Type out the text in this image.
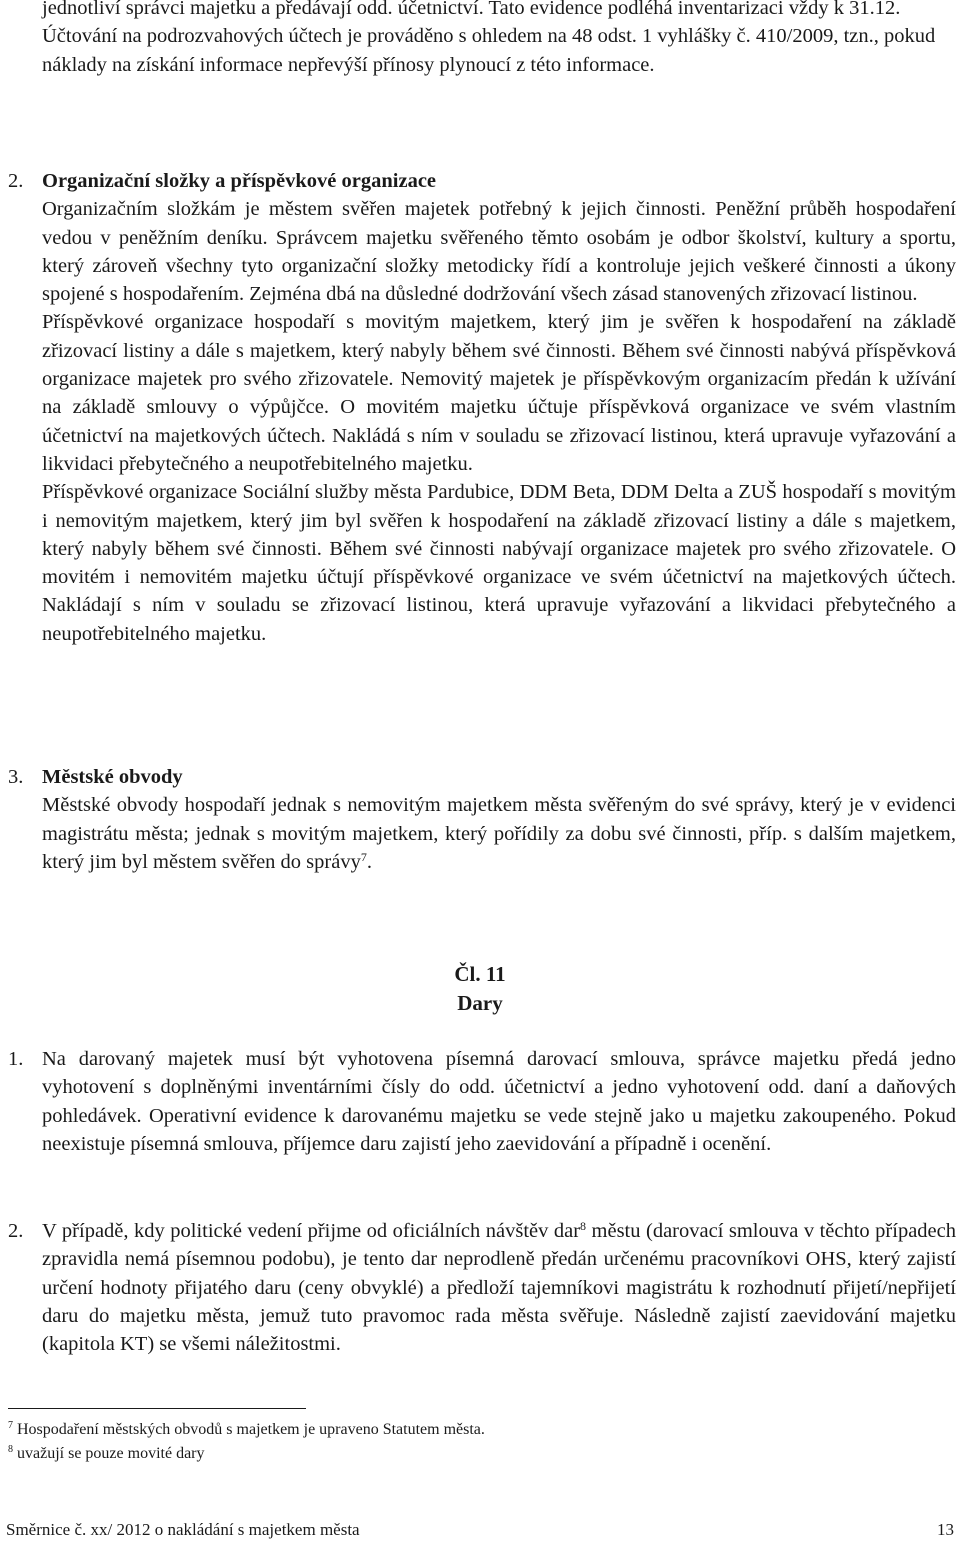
jednotliví správci majetku a předávají odd. účetnictví. Tato evidence podléhá inventarizaci vždy k 31.12.

Účtování na podrozvahových účtech je prováděno s ohledem na 48 odst. 1 vyhlášky č. 410/2009, tzn., pokud náklady na získání informace nepřevýší přínosy plynoucí z této informace.

2. Organizační složky a příspěvkové organizace

Organizačním složkám je městem svěřen majetek potřebný k jejich činnosti. Peněžní průběh hospodaření vedou v peněžním deníku. Správcem majetku svěřeného těmto osobám je odbor školství, kultury a sportu, který zároveň všechny tyto organizační složky metodicky řídí a kontroluje jejich veškeré činnosti a úkony spojené s hospodařením. Zejména dbá na důsledné dodržování všech zásad stanovených zřizovací listinou.

Příspěvkové organizace hospodaří s movitým majetkem, který jim je svěřen k hospodaření na základě zřizovací listiny a dále s majetkem, který nabyly během své činnosti. Během své činnosti nabývá příspěvková organizace majetek pro svého zřizovatele. Nemovitý majetek je příspěvkovým organizacím předán k užívání na základě smlouvy o výpůjčce. O movitém majetku účtuje příspěvková organizace ve svém vlastním účetnictví na majetkových účtech. Nakládá s ním v souladu se zřizovací listinou, která upravuje vyřazování a likvidaci přebytečného a neupotřebitelného majetku.

Příspěvkové organizace Sociální služby města Pardubice, DDM Beta, DDM Delta a ZUŠ hospodaří s movitým i nemovitým majetkem, který jim byl svěřen k hospodaření na základě zřizovací listiny a dále s majetkem, který nabyly během své činnosti. Během své činnosti nabývají organizace majetek pro svého zřizovatele. O movitém i nemovitém majetku účtují příspěvkové organizace ve svém účetnictví na majetkových účtech. Nakládají s ním v souladu se zřizovací listinou, která upravuje vyřazování a likvidaci přebytečného a neupotřebitelného majetku.

3. Městské obvody

Městské obvody hospodaří jednak s nemovitým majetkem města svěřeným do své správy, který je v evidenci magistrátu města; jednak s movitým majetkem, který pořídily za dobu své činnosti, příp. s dalším majetkem, který jim byl městem svěřen do správy$^7$.

Čl. 11
Dary
1. Na darovaný majetek musí být vyhotovena písemná darovací smlouva, správce majetku předá jedno vyhotovení s doplněnými inventárními čísly do odd. účetnictví a jedno vyhotovení odd. daní a daňových pohledávek. Operativní evidence k darovanému majetku se vede stejně jako u majetku zakoupeného. Pokud neexistuje písemná smlouva, příjemce daru zajistí jeho zaevidování a případně i ocenění.

2. V případě, kdy politické vedení přijme od oficiálních návštěv dar$^8$ městu (darovací smlouva v těchto případech zpravidla nemá písemnou podobu), je tento dar neprodleně předán určenému pracovníkovi OHS, který zajistí určení hodnoty přijatého daru (ceny obvyklé) a předloží tajemníkovi magistrátu k rozhodnutí přijetí/nepřijetí daru do majetku města, jemuž tuto pravomoc rada města svěřuje. Následně zajistí zaevidování majetku (kapitola KT) se všemi náležitostmi.

$^7$ Hospodaření městských obvodů s majetkem je upraveno Statutem města.
$^8$ uvažují se pouze movité dary
Směrnice č. xx/ 2012 o nakládání s majetkem města	13
